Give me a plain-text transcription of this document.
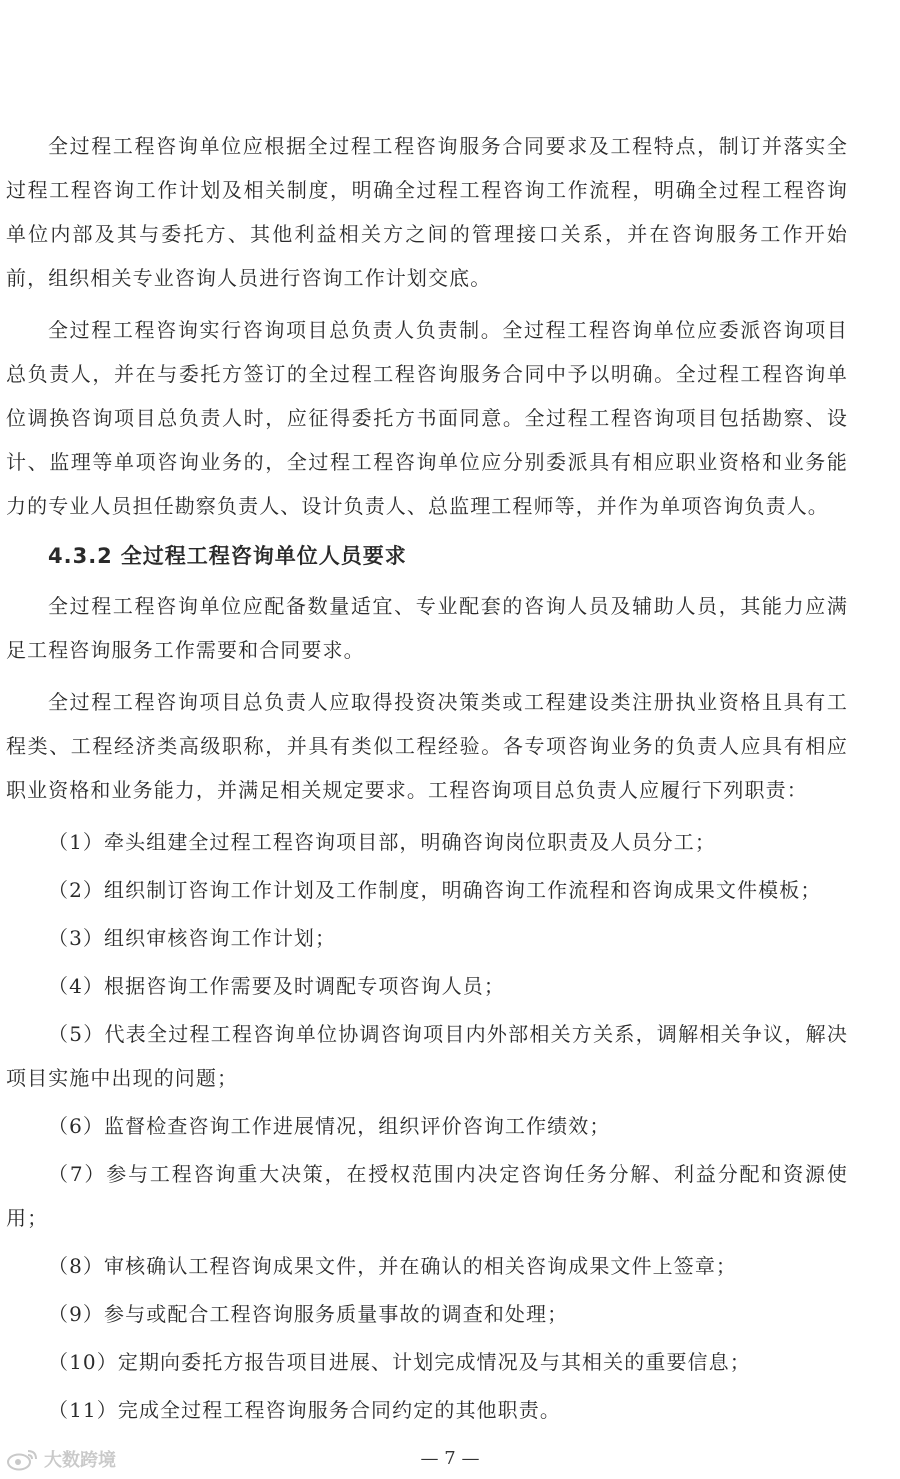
全过程工程咨询单位应根据全过程工程咨询服务合同要求及工程特点，制订并落实全过程工程咨询工作计划及相关制度，明确全过程工程咨询工作流程，明确全过程工程咨询单位内部及其与委托方、其他利益相关方之间的管理接口关系，并在咨询服务工作开始前，组织相关专业咨询人员进行咨询工作计划交底。

全过程工程咨询实行咨询项目总负责人负责制。全过程工程咨询单位应委派咨询项目总负责人，并在与委托方签订的全过程工程咨询服务合同中予以明确。全过程工程咨询单位调换咨询项目总负责人时，应征得委托方书面同意。全过程工程咨询项目包括勘察、设计、监理等单项咨询业务的，全过程工程咨询单位应分别委派具有相应职业资格和业务能力的专业人员担任勘察负责人、设计负责人、总监理工程师等，并作为单项咨询负责人。

4.3.2 全过程工程咨询单位人员要求

全过程工程咨询单位应配备数量适宜、专业配套的咨询人员及辅助人员，其能力应满足工程咨询服务工作需要和合同要求。

全过程工程咨询项目总负责人应取得投资决策类或工程建设类注册执业资格且具有工程类、工程经济类高级职称，并具有类似工程经验。各专项咨询业务的负责人应具有相应职业资格和业务能力，并满足相关规定要求。工程咨询项目总负责人应履行下列职责：

（1）牵头组建全过程工程咨询项目部，明确咨询岗位职责及人员分工；

（2）组织制订咨询工作计划及工作制度，明确咨询工作流程和咨询成果文件模板；

（3）组织审核咨询工作计划；

（4）根据咨询工作需要及时调配专项咨询人员；

（5）代表全过程工程咨询单位协调咨询项目内外部相关方关系，调解相关争议，解决项目实施中出现的问题；

（6）监督检查咨询工作进展情况，组织评价咨询工作绩效；

（7）参与工程咨询重大决策，在授权范围内决定咨询任务分解、利益分配和资源使用；

（8）审核确认工程咨询成果文件，并在确认的相关咨询成果文件上签章；

（9）参与或配合工程咨询服务质量事故的调查和处理；

（10）定期向委托方报告项目进展、计划完成情况及与其相关的重要信息；

（11）完成全过程工程咨询服务合同约定的其他职责。

大数跨境	— 7 —
